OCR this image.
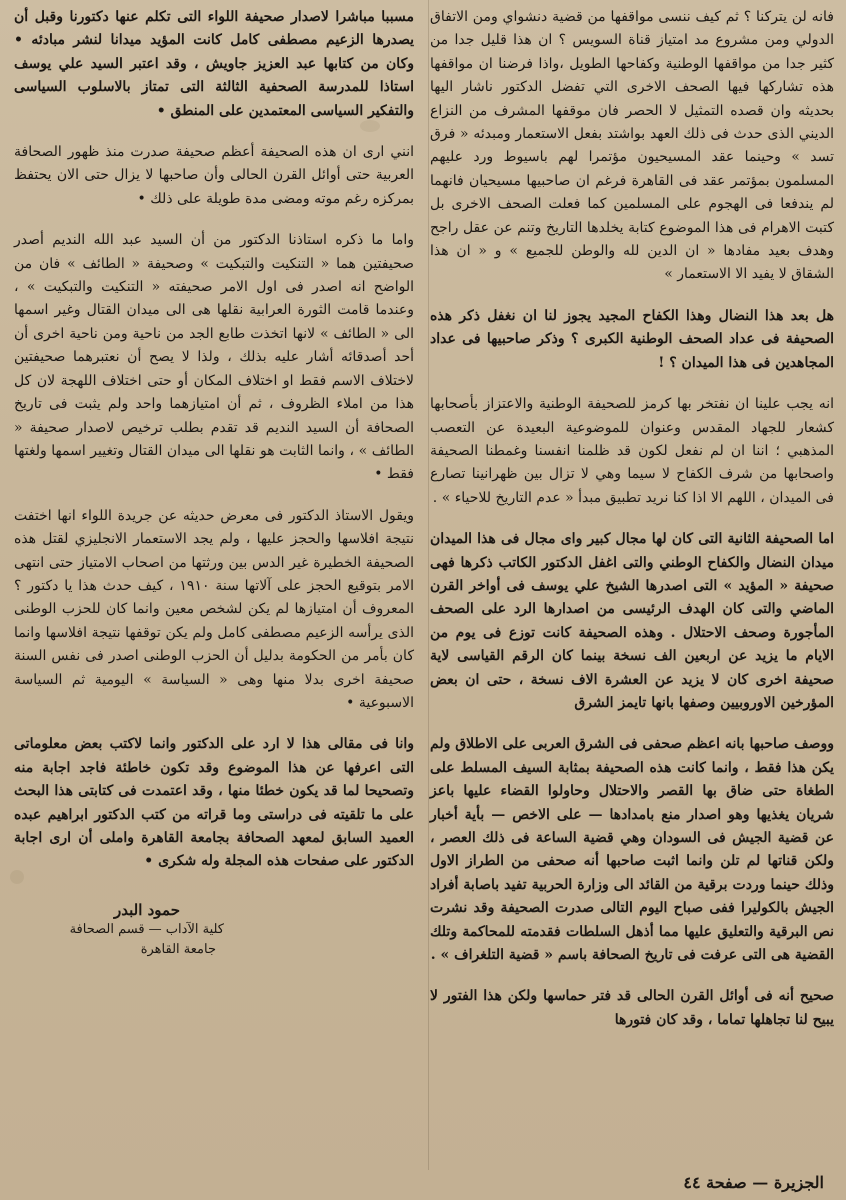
فانه لن يتركنا ؟ ثم كيف ننسى مواقفها من قضية دنشواي ومن الاتفاق الدولي ومن مشروع مد امتياز قناة السويس ؟ ان هذا قليل جدا من كثير جدا من مواقفها الوطنية وكفاحها الطويل ،واذا فرضنا ان مواقفها هذه تشاركها فيها الصحف الاخرى التي تفضل الدكتور ناشار اليها بحديثه وان قصده التمثيل لا الحصر فان موقفها المشرف من النزاع الديني الذى حدث فى ذلك العهد بواشتد بفعل الاستعمار ومبدئه « فرق تسد » وحينما عقد المسيحيون مؤتمرا لهم باسيوط ورد عليهم المسلمون بمؤتمر عقد فى القاهرة فرغم ان صاحبيها مسيحيان فانهما لم يندفعا فى الهجوم على المسلمين كما فعلت الصحف الاخرى بل كتبت الاهرام فى هذا الموضوع كتابة يخلدها التاريخ وتنم عن عقل راجح وهدف بعيد مفادها « ان الدين لله والوطن للجميع » و « ان هذا الشقاق لا يفيد الا الاستعمار »

هل بعد هذا النضال وهذا الكفاح المجيد يجوز لنا ان نغفل ذكر هذه الصحيفة فى عداد الصحف الوطنية الكبرى ؟ وذكر صاحبيها فى عداد المجاهدين فى هذا الميدان ؟ !

انه يجب علينا ان نفتخر بها كرمز للصحيفة الوطنية والاعتزاز بأصحابها كشعار للجهاد المقدس وعنوان للموضوعية البعيدة عن التعصب المذهبي ؛ اننا ان لم نفعل لكون قد ظلمنا انفسنا وغمطنا الصحيفة واصحابها من شرف الكفاح لا سيما وهي لا تزال بين ظهرانينا تصارع فى الميدان ، اللهم الا اذا كنا نريد تطبيق مبدأ « عدم التاريخ للاحياء » .

اما الصحيفة الثانية التى كان لها مجال كبير واى مجال فى هذا الميدان ميدان النضال والكفاح الوطني والتى اغفل الدكتور الكاتب ذكرها فهى صحيفة « المؤيد » التى اصدرها الشيخ علي يوسف فى أواخر القرن الماضي والتى كان الهدف الرئيسى من اصدارها الرد على الصحف المأجورة وصحف الاحتلال . وهذه الصحيفة كانت توزع فى يوم من الايام ما يزيد عن اربعين الف نسخة بينما كان الرقم القياسى لاية صحيفة اخرى كان لا يزيد عن العشرة الاف نسخة ، حتى ان بعض المؤرخين الاوروبيين وصفها بانها تايمز الشرق

ووصف صاحبها بانه اعظم صحفى فى الشرق العربى على الاطلاق ولم يكن هذا فقط ، وانما كانت هذه الصحيفة بمثابة السيف المسلط على الطغاة حتى ضاق بها القصر والاحتلال وحاولوا القضاء عليها باعز شريان يغذيها وهو اصدار منع بامدادها — على الاخص — بأية أخبار عن قضية الجيش فى السودان وهي قضية الساعة فى ذلك العصر ، ولكن قناتها لم تلن وانما اثبت صاحبها أنه صحفى من الطراز الاول وذلك حينما وردت برقية من القائد الى وزارة الحربية تفيد باصابة أفراد الجيش بالكوليرا ففى صباح اليوم التالى صدرت الصحيفة وقد نشرت نص البرقية والتعليق عليها مما أذهل السلطات فقدمته للمحاكمة وتلك القضية هى التى عرفت فى تاريخ الصحافة باسم « قضية التلغراف » .

صحيح أنه فى أوائل القرن الحالى قد فتر حماسها ولكن هذا الفتور لا يبيح لنا تجاهلها تماما ، وقد كان فتورها

مسببا مباشرا لاصدار صحيفة اللواء التى تكلم عنها دكتورنا وقبل أن يصدرها الزعيم مصطفى كامل كانت المؤيد ميدانا لنشر مبادئه • وكان من كتابها عبد العزيز جاويش ، وقد اعتبر السيد علي يوسف استاذا للمدرسة الصحفية الثالثة التى تمتاز بالاسلوب السياسى والتفكير السياسى المعتمدين على المنطق •

انني ارى ان هذه الصحيفة أعظم صحيفة صدرت منذ ظهور الصحافة العربية حتى أوائل القرن الحالى وأن صاحبها لا يزال حتى الان يحتفظ بمركزه رغم موته ومضى مدة طويلة على ذلك •

واما ما ذكره استاذنا الدكتور من أن السيد عبد الله النديم أصدر صحيفتين هما « التنكيت والتبكيت » وصحيفة « الطائف » فان من الواضح انه اصدر فى اول الامر صحيفته « التنكيت والتبكيت » ، وعندما قامت الثورة العرابية نقلها هى الى ميدان القتال وغير اسمها الى « الطائف » لانها اتخذت طابع الجد من ناحية ومن ناحية اخرى أن أحد أصدقائه أشار عليه بذلك ، ولذا لا يصح أن نعتبرهما صحيفتين لاختلاف الاسم فقط او اختلاف المكان أو حتى اختلاف اللهجة لان كل هذا من املاء الظروف ، ثم أن امتيازهما واحد ولم يثبت فى تاريخ الصحافة أن السيد النديم قد تقدم بطلب ترخيص لاصدار صحيفة « الطائف » ، وانما الثابت هو نقلها الى ميدان القتال وتغيير اسمها ولغتها فقط •

ويقول الاستاذ الدكتور فى معرض حديثه عن جريدة اللواء انها اختفت نتيجة افلاسها والحجز عليها ، ولم يجد الاستعمار الانجليزي لقتل هذه الصحيفة الخطيرة غير الدس بين ورثتها من اصحاب الامتياز حتى انتهى الامر بتوقيع الحجز على آلاتها سنة ١٩١٠ ، كيف حدث هذا يا دكتور ؟ المعروف أن امتيازها لم يكن لشخص معين وانما كان للحزب الوطنى الذى يرأسه الزعيم مصطفى كامل ولم يكن توقفها نتيجة افلاسها وانما كان بأمر من الحكومة بدليل أن الحزب الوطنى اصدر فى نفس السنة صحيفة اخرى بدلا منها وهى « السياسة » اليومية ثم السياسة الاسبوعية •

وانا فى مقالى هذا لا ارد على الدكتور وانما لاكتب بعض معلوماتى التى اعرفها عن هذا الموضوع وقد تكون خاطئة فاجد اجابة منه وتصحيحا لما قد يكون خطئا منها ، وقد اعتمدت فى كتابتى هذا البحث على ما تلقيته فى دراستى وما قراته من كتب الدكتور ابراهيم عبده العميد السابق لمعهد الصحافة بجامعة القاهرة واملى أن ارى اجابة الدكتور على صفحات هذه المجلة وله شكرى •

حمود البدر
كلية الآداب — قسم الصحافة
جامعة القاهرة
الجزيرة — صفحة ٤٤
